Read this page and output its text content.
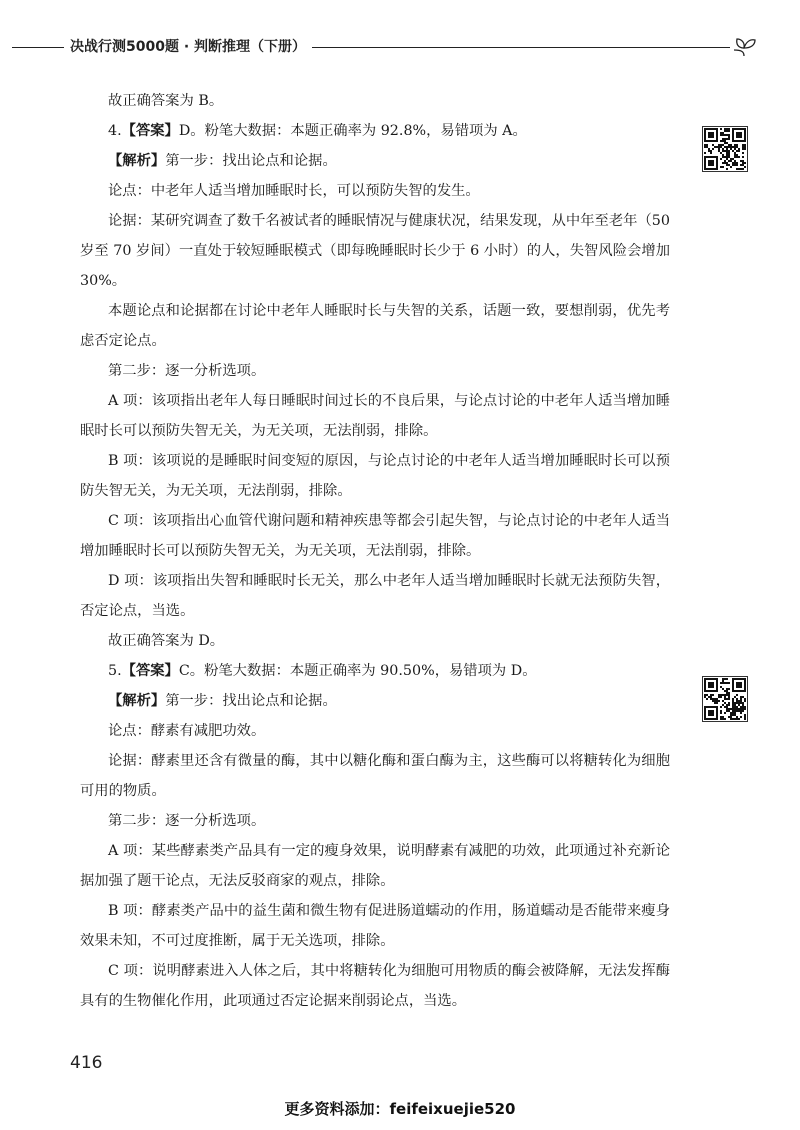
决战行测5000题 · 判断推理（下册）

故正确答案为 B。

4.【答案】D。粉笔大数据：本题正确率为 92.8%，易错项为 A。

【解析】第一步：找出论点和论据。

论点：中老年人适当增加睡眠时长，可以预防失智的发生。

论据：某研究调查了数千名被试者的睡眠情况与健康状况，结果发现，从中年至老年（50 岁至 70 岁间）一直处于较短睡眠模式（即每晚睡眠时长少于 6 小时）的人，失智风险会增加 30%。

本题论点和论据都在讨论中老年人睡眠时长与失智的关系，话题一致，要想削弱，优先考虑否定论点。

第二步：逐一分析选项。

A 项：该项指出老年人每日睡眠时间过长的不良后果，与论点讨论的中老年人适当增加睡眠时长可以预防失智无关，为无关项，无法削弱，排除。

B 项：该项说的是睡眠时间变短的原因，与论点讨论的中老年人适当增加睡眠时长可以预防失智无关，为无关项，无法削弱，排除。

C 项：该项指出心血管代谢问题和精神疾患等都会引起失智，与论点讨论的中老年人适当增加睡眠时长可以预防失智无关，为无关项，无法削弱，排除。

D 项：该项指出失智和睡眠时长无关，那么中老年人适当增加睡眠时长就无法预防失智，否定论点，当选。

故正确答案为 D。

5.【答案】C。粉笔大数据：本题正确率为 90.50%，易错项为 D。

【解析】第一步：找出论点和论据。

论点：酵素有减肥功效。

论据：酵素里还含有微量的酶，其中以糖化酶和蛋白酶为主，这些酶可以将糖转化为细胞可用的物质。

第二步：逐一分析选项。

A 项：某些酵素类产品具有一定的瘦身效果，说明酵素有减肥的功效，此项通过补充新论据加强了题干论点，无法反驳商家的观点，排除。

B 项：酵素类产品中的益生菌和微生物有促进肠道蠕动的作用，肠道蠕动是否能带来瘦身效果未知，不可过度推断，属于无关选项，排除。

C 项：说明酵素进入人体之后，其中将糖转化为细胞可用物质的酶会被降解，无法发挥酶具有的生物催化作用，此项通过否定论据来削弱论点，当选。

416
更多资料添加：feifeixuejie520
